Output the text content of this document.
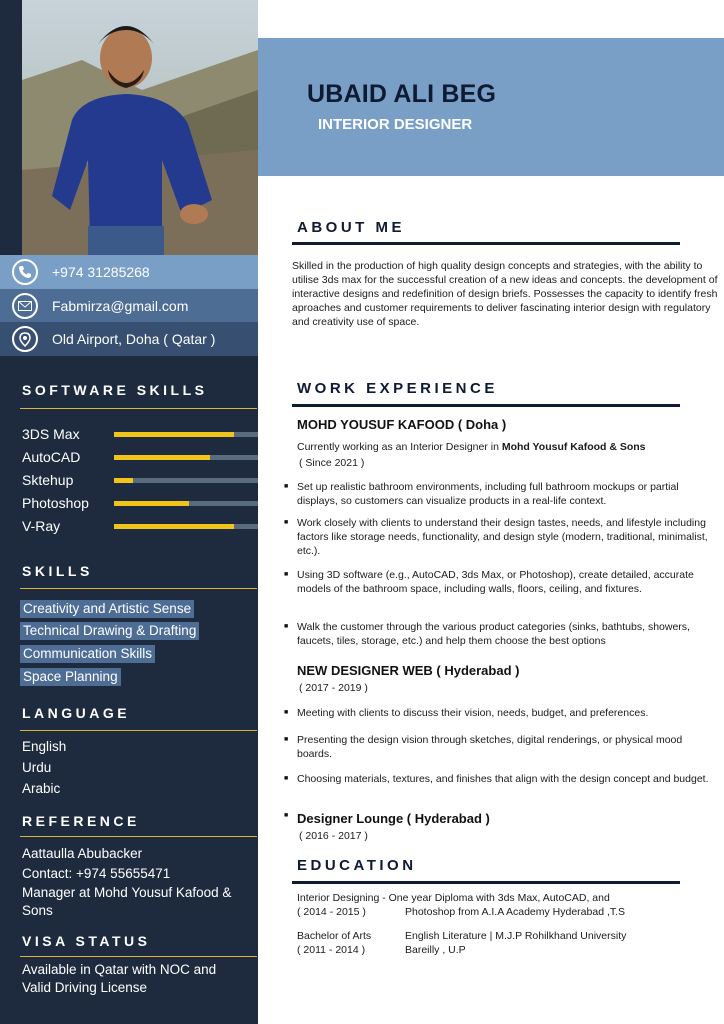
UBAID ALI BEG
INTERIOR DESIGNER
+974 31285268
Fabmirza@gmail.com
Old Airport, Doha ( Qatar )
SOFTWARE SKILLS
3DS Max
AutoCAD
Sktehup
Photoshop
V-Ray
SKILLS
Creativity and Artistic Sense
Technical Drawing & Drafting
Communication Skills
Space Planning
LANGUAGE
English
Urdu
Arabic
REFERENCE
Aattaulla Abubacker
Contact: +974 55655471
Manager at Mohd Yousuf Kafood & Sons
VISA STATUS
Available in Qatar with NOC and Valid Driving License
ABOUT ME
Skilled in the production of high quality design concepts and strategies, with the ability to utilise 3ds max for the successful creation of a new ideas and concepts. the development of interactive designs and redefinition of design briefs. Possesses the capacity to identify fresh aproaches and customer requirements to deliver fascinating interior design with regulatory and creativity use of space.
WORK EXPERIENCE
MOHD YOUSUF KAFOOD ( Doha )
Currently working as an Interior Designer in Mohd Yousuf Kafood & Sons
( Since 2021 )
■ Set up realistic bathroom environments, including full bathroom mockups or partial displays, so customers can visualize products in a real-life context.
■ Work closely with clients to understand their design tastes, needs, and lifestyle including factors like storage needs, functionality, and design style (modern, traditional, minimalist, etc.).
■ Using 3D software (e.g., AutoCAD, 3ds Max, or Photoshop), create detailed, accurate models of the bathroom space, including walls, floors, ceiling, and fixtures.
■ Walk the customer through the various product categories (sinks, bathtubs, showers, faucets, tiles, storage, etc.) and help them choose the best options
NEW DESIGNER WEB ( Hyderabad )
( 2017 - 2019 )
■ Meeting with clients to discuss their vision, needs, budget, and preferences.
■ Presenting the design vision through sketches, digital renderings, or physical mood boards.
■ Choosing materials, textures, and finishes that align with the design concept and budget.
■ Designer Lounge ( Hyderabad )
( 2016 - 2017 )
EDUCATION
Interior Designing - One year Diploma with 3ds Max, AutoCAD, and
( 2014 - 2015 )	Photoshop from A.I.A Academy Hyderabad ,T.S
Bachelor of Arts	English Literature | M.J.P Rohilkhand University
( 2011 - 2014 )	Bareilly , U.P
